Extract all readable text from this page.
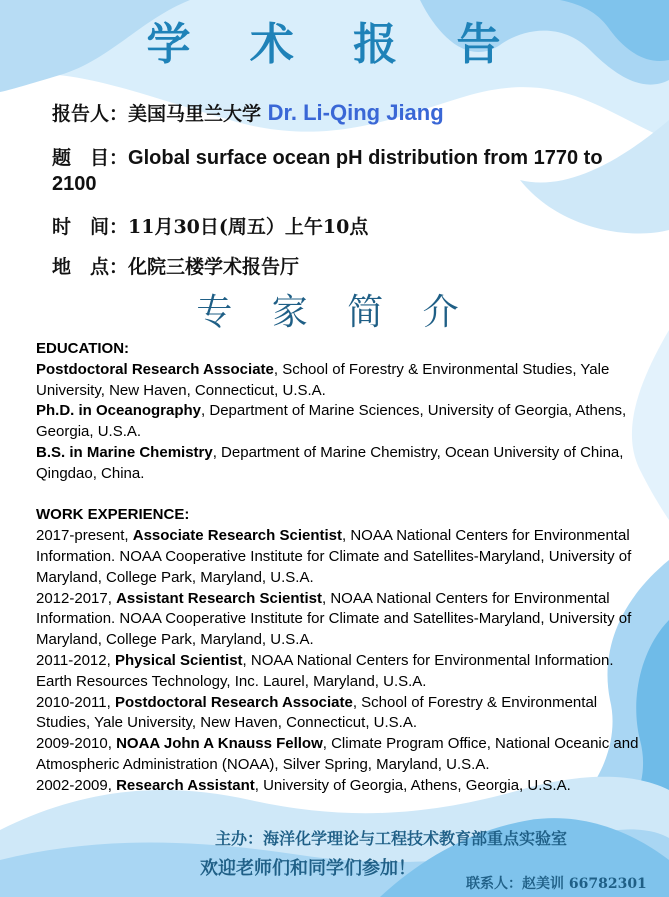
学 术 报 告
报告人：美国马里兰大学 Dr. Li-Qing Jiang
题　目：Global surface ocean pH distribution from 1770 to 2100
时　间：11月30日(周五）上午10点
地　点：化院三楼学术报告厅
专 家 简 介

EDUCATION:

Postdoctoral Research Associate, School of Forestry & Environmental Studies, Yale University, New Haven, Connecticut, U.S.A.

Ph.D. in Oceanography, Department of Marine Sciences, University of Georgia, Athens, Georgia, U.S.A.

B.S. in Marine Chemistry, Department of Marine Chemistry, Ocean University of China, Qingdao, China.

WORK EXPERIENCE:

2017-present, Associate Research Scientist, NOAA National Centers for Environmental Information. NOAA Cooperative Institute for Climate and Satellites-Maryland, University of Maryland, College Park, Maryland, U.S.A.

2012-2017, Assistant Research Scientist, NOAA National Centers for Environmental Information. NOAA Cooperative Institute for Climate and Satellites-Maryland, University of Maryland, College Park, Maryland, U.S.A.

2011-2012, Physical Scientist, NOAA National Centers for Environmental Information. Earth Resources Technology, Inc. Laurel, Maryland, U.S.A.

2010-2011, Postdoctoral Research Associate, School of Forestry & Environmental Studies, Yale University, New Haven, Connecticut, U.S.A.

2009-2010, NOAA John A Knauss Fellow, Climate Program Office, National Oceanic and Atmospheric Administration (NOAA), Silver Spring, Maryland, U.S.A.

2002-2009, Research Assistant, University of Georgia, Athens, Georgia, U.S.A.

主办：海洋化学理论与工程技术教育部重点实验室
欢迎老师们和同学们参加！
联系人：赵美训 66782301
